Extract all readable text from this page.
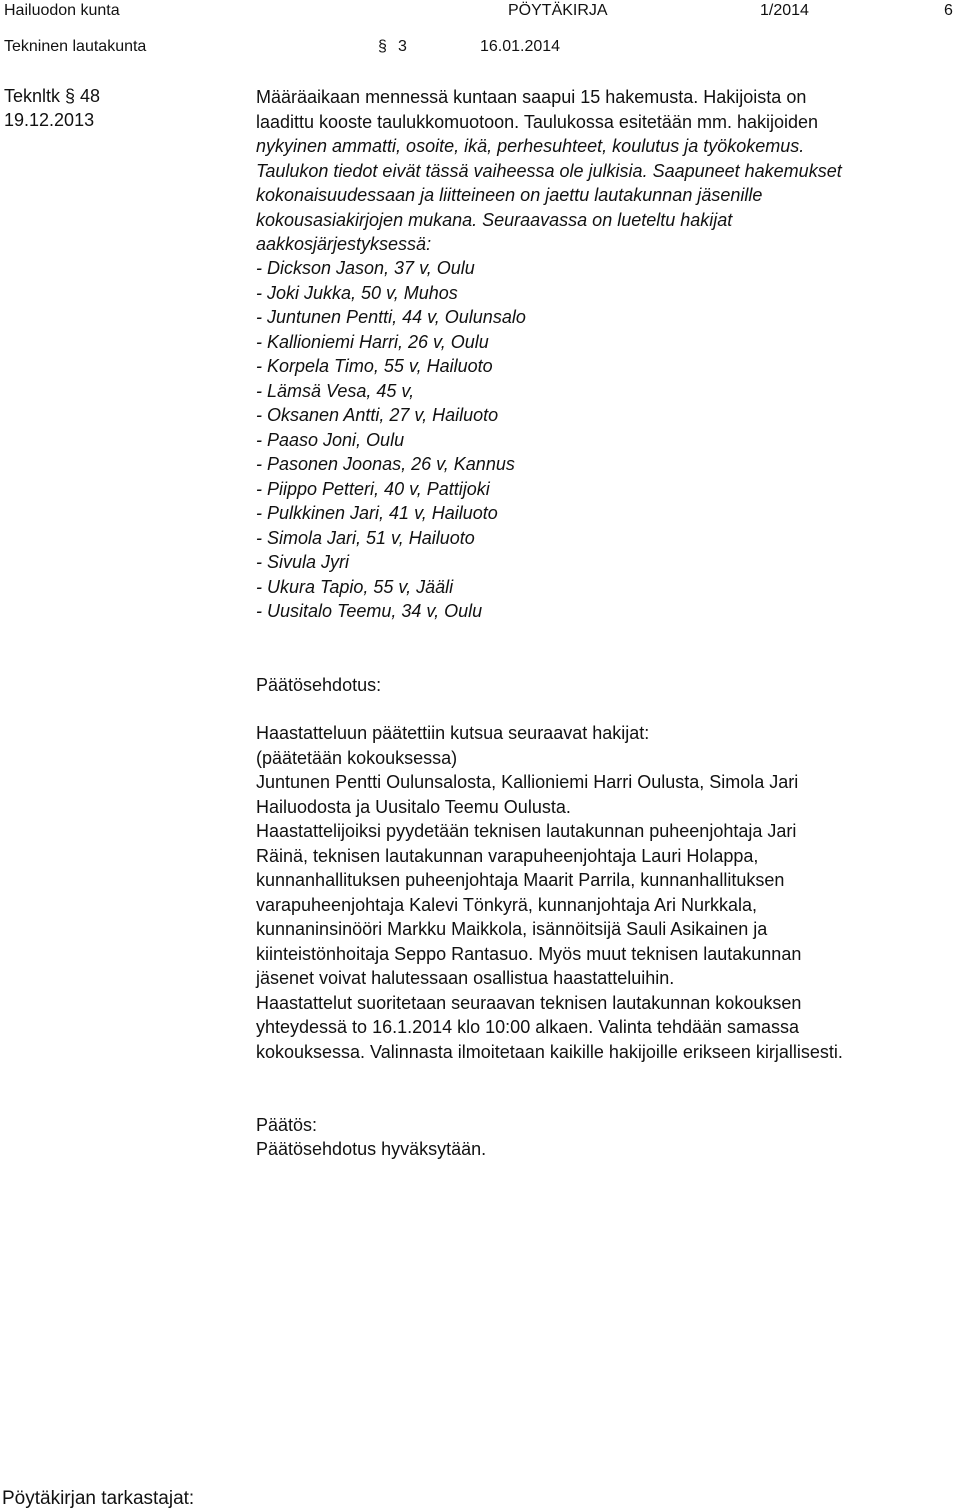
Hailuodon kunta	PÖYTÄKIRJA	1/2014	6
Tekninen lautakunta	§ 3	16.01.2014
Teknltk § 48
19.12.2013
Määräaikaan mennessä kuntaan saapui 15 hakemusta. Hakijoista on
laadittu kooste taulukkomuotoon. Taulukossa esitetään mm. hakijoiden
nykyinen ammatti, osoite, ikä, perhesuhteet, koulutus ja työkokemus.
Taulukon tiedot eivät tässä vaiheessa ole julkisia. Saapuneet hakemukset
kokonaisuudessaan ja liitteineen on jaettu lautakunnan jäsenille
kokousasiakirjojen mukana. Seuraavassa on lueteltu hakijat
aakkosjärjestyksessä:
- Dickson Jason, 37 v, Oulu
- Joki Jukka, 50 v, Muhos
- Juntunen Pentti, 44 v, Oulunsalo
- Kallioniemi Harri, 26 v, Oulu
- Korpela Timo, 55 v, Hailuoto
- Lämsä Vesa, 45 v,
- Oksanen Antti, 27 v, Hailuoto
- Paaso Joni, Oulu
- Pasonen Joonas, 26 v, Kannus
- Piippo Petteri, 40 v, Pattijoki
- Pulkkinen Jari, 41 v, Hailuoto
- Simola Jari, 51 v, Hailuoto
- Sivula Jyri
- Ukura Tapio, 55 v, Jääli
- Uusitalo Teemu, 34 v, Oulu
Päätösehdotus:
Haastatteluun päätettiin kutsua seuraavat hakijat:
(päätetään kokouksessa)
Juntunen Pentti Oulunsalosta, Kallioniemi Harri Oulusta, Simola Jari
Hailuodosta ja Uusitalo Teemu Oulusta.
Haastattelijoiksi pyydetään teknisen lautakunnan puheenjohtaja Jari
Räinä, teknisen lautakunnan varapuheenjohtaja Lauri Holappa,
kunnanhallituksen puheenjohtaja Maarit Parrila, kunnanhallituksen
varapuheenjohtaja Kalevi Tönkyrä, kunnanjohtaja Ari Nurkkala,
kunnaninsinööri Markku Maikkola, isännöitsijä Sauli Asikainen ja
kiinteistönhoitaja Seppo Rantasuo. Myös muut teknisen lautakunnan
jäsenet voivat halutessaan osallistua haastatteluihin.
Haastattelut suoritetaan seuraavan teknisen lautakunnan kokouksen
yhteydessä to 16.1.2014 klo 10:00 alkaen. Valinta tehdään samassa
kokouksessa. Valinnasta ilmoitetaan kaikille hakijoille erikseen kirjallisesti.
Päätös:
Päätösehdotus hyväksytään.
Pöytäkirjan tarkastajat:
